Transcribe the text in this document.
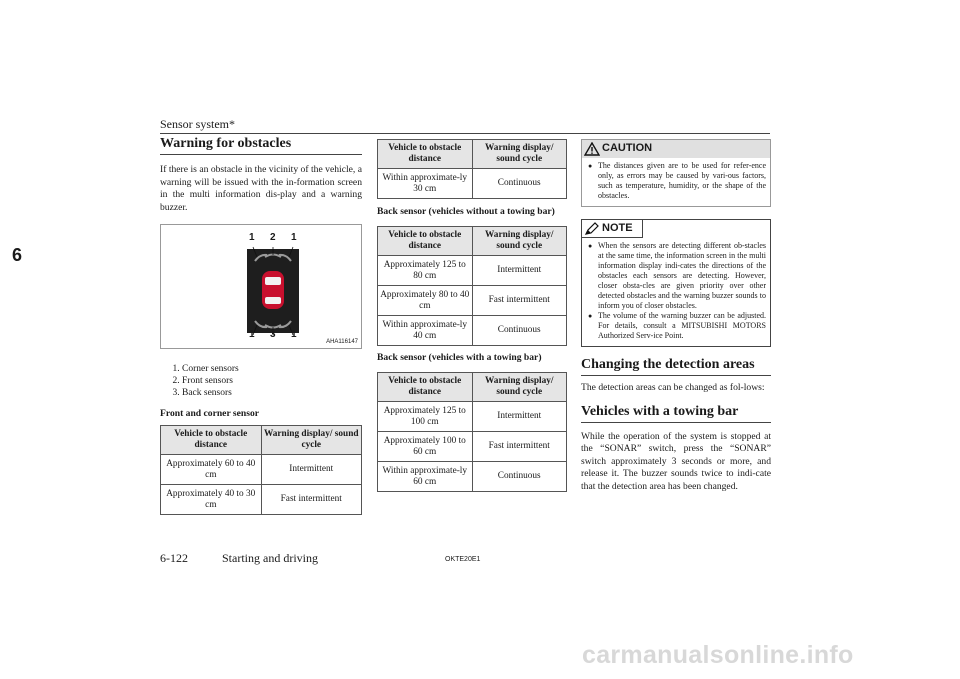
Sensor system*
6
Warning for obstacles

If there is an obstacle in the vicinity of the vehicle, a warning will be issued with the in-formation screen in the multi information dis-play and a warning buzzer.

1 2 1
1 3 1
AHA116147
1. Corner sensors
2. Front sensors
3. Back sensors

Front and corner sensor

Vehicle to obstacle distance	Warning display/ sound cycle
Approximately 60 to 40 cm	Intermittent
Approximately 40 to 30 cm	Fast intermittent
Vehicle to obstacle distance	Warning display/ sound cycle
Within approximate-ly 30 cm	Continuous

Back sensor (vehicles without a towing bar)

Vehicle to obstacle distance	Warning display/ sound cycle
Approximately 125 to 80 cm	Intermittent
Approximately 80 to 40 cm	Fast intermittent
Within approximate-ly 40 cm	Continuous

Back sensor (vehicles with a towing bar)

Vehicle to obstacle distance	Warning display/ sound cycle
Approximately 125 to 100 cm	Intermittent
Approximately 100 to 60 cm	Fast intermittent
Within approximate-ly 60 cm	Continuous
CAUTION
● The distances given are to be used for refer-ence only, as errors may be caused by vari-ous factors, such as temperature, humidity, or the shape of the obstacles.
NOTE
● When the sensors are detecting different ob-stacles at the same time, the information screen in the multi information display indi-cates the directions of the obstacles each sensors are detecting. However, closer obsta-cles are given priority over other detected obstacles and the warning buzzer sounds to inform you of closer obstacles.
● The volume of the warning buzzer can be adjusted. For details, consult a MITSUBISHI MOTORS Authorized Serv-ice Point.
Changing the detection areas

The detection areas can be changed as fol-lows:

Vehicles with a towing bar

While the operation of the system is stopped at the “SONAR” switch, press the “SONAR” switch approximately 3 seconds or more, and release it. The buzzer sounds twice to indi-cate that the detection area has been changed.

6-122	Starting and driving	OKTE20E1
carmanualsonline.info
